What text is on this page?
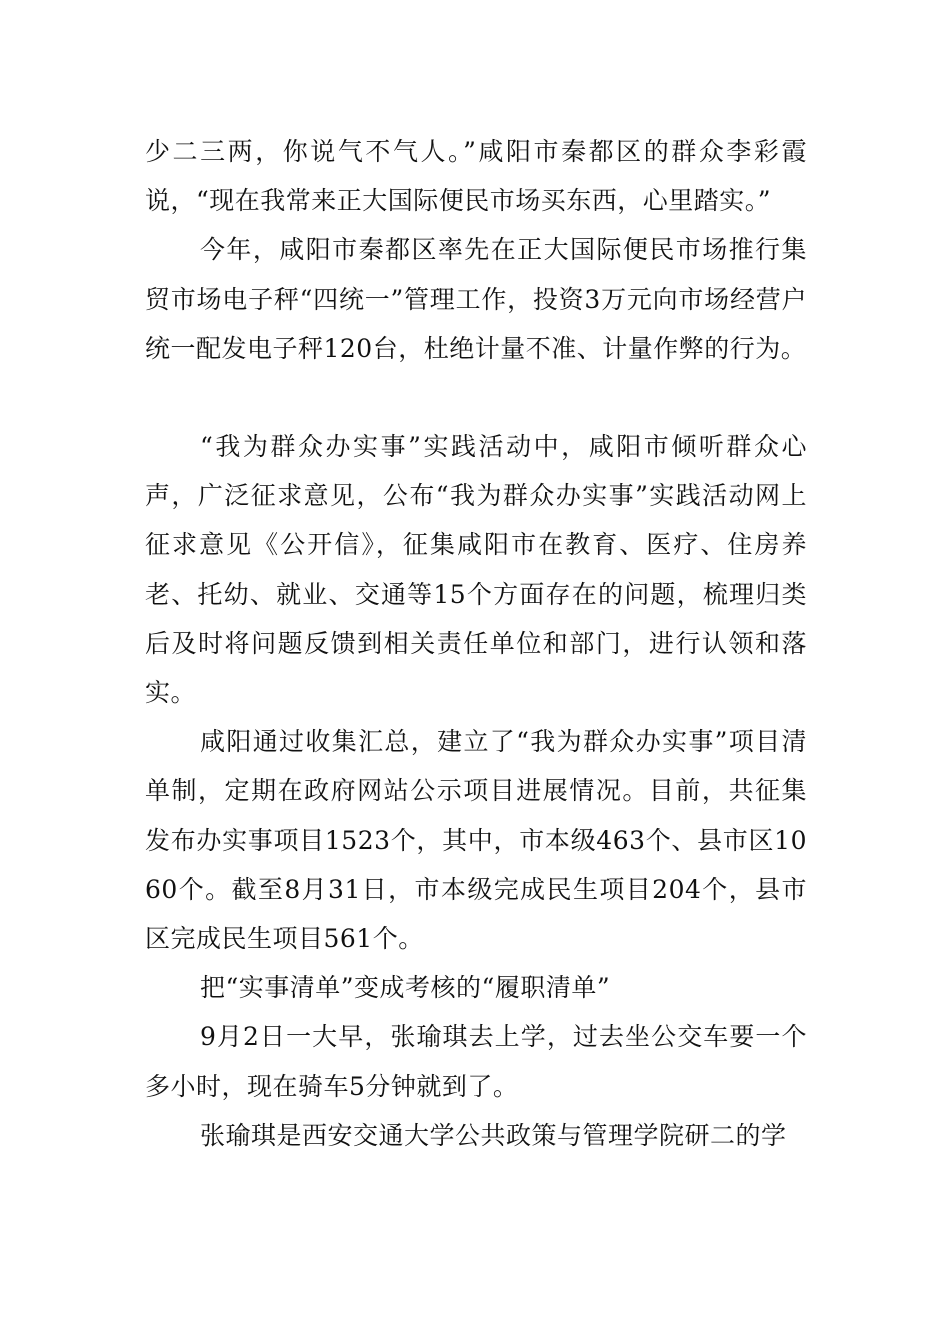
少二三两，你说气不气人。”咸阳市秦都区的群众李彩霞说，“现在我常来正大国际便民市场买东西，心里踏实。”

今年，咸阳市秦都区率先在正大国际便民市场推行集贸市场电子秤“四统一”管理工作，投资3万元向市场经营户统一配发电子秤120台，杜绝计量不准、计量作弊的行为。

“我为群众办实事”实践活动中，咸阳市倾听群众心声，广泛征求意见，公布“我为群众办实事”实践活动网上征求意见《公开信》，征集咸阳市在教育、医疗、住房养老、托幼、就业、交通等15个方面存在的问题，梳理归类后及时将问题反馈到相关责任单位和部门，进行认领和落实。

咸阳通过收集汇总，建立了“我为群众办实事”项目清单制，定期在政府网站公示项目进展情况。目前，共征集发布办实事项目1523个，其中，市本级463个、县市区1060个。截至8月31日，市本级完成民生项目204个，县市区完成民生项目561个。

把“实事清单”变成考核的“履职清单”

9月2日一大早，张瑜琪去上学，过去坐公交车要一个多小时，现在骑车5分钟就到了。

张瑜琪是西安交通大学公共政策与管理学院研二的学
